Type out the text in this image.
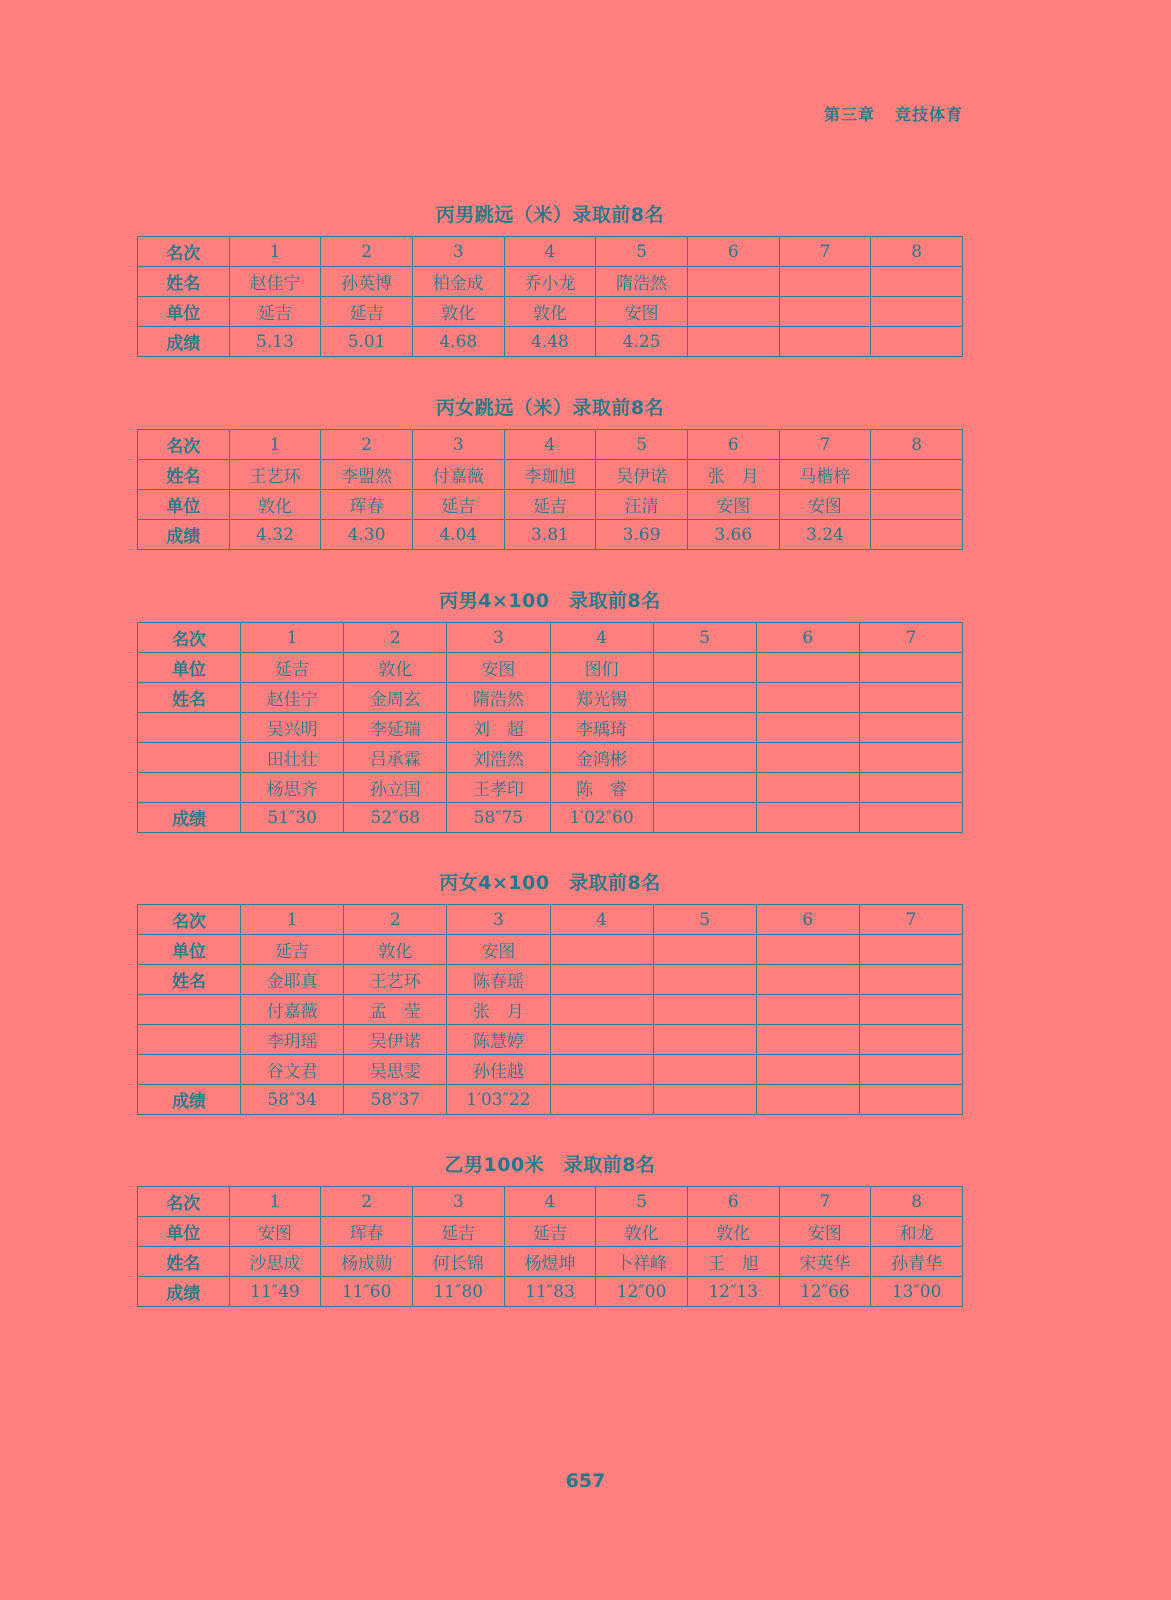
第三章 竞技体育
丙男跳远（米）录取前8名
名次	1	2	3	4	5	6	7	8
姓名	赵佳宁	孙英博	柏金成	乔小龙	隋浩然			
单位	延吉	延吉	敦化	敦化	安图			
成绩	5.13	5.01	4.68	4.48	4.25			
丙女跳远（米）录取前8名
名次	1	2	3	4	5	6	7	8
姓名	王艺环	李盟然	付嘉薇	李珈旭	吴伊诺	张　月	马楷梓	
单位	敦化	珲春	延吉	延吉	汪清	安图	安图	
成绩	4.32	4.30	4.04	3.81	3.69	3.66	3.24	
丙男4×100　录取前8名
名次	1	2	3	4	5	6	7
单位	延吉	敦化	安图	图们			
姓名	赵佳宁	金周玄	隋浩然	郑光锡			
	吴兴明	李延瑞	刘　超	李瑀琦			
	田壮壮	吕承霖	刘浩然	金鸿彬			
	杨思齐	孙立国	王孝印	陈　睿			
成绩	51″30	52″68	58″75	1′02″60			
丙女4×100　录取前8名
名次	1	2	3	4	5	6	7
单位	延吉	敦化	安图				
姓名	金耶真	王艺环	陈春瑶				
	付嘉薇	孟　莹	张　月				
	李玥瑶	吴伊诺	陈慧婷				
	谷文君	吴思雯	孙佳越				
成绩	58″34	58″37	1′03″22				
乙男100米　录取前8名
名次	1	2	3	4	5	6	7	8
单位	安图	珲春	延吉	延吉	敦化	敦化	安图	和龙
姓名	沙思成	杨成勋	何长锦	杨煜坤	卜祥峰	王　旭	宋英华	孙青华
成绩	11″49	11″60	11″80	11″83	12″00	12″13	12″66	13″00
657
